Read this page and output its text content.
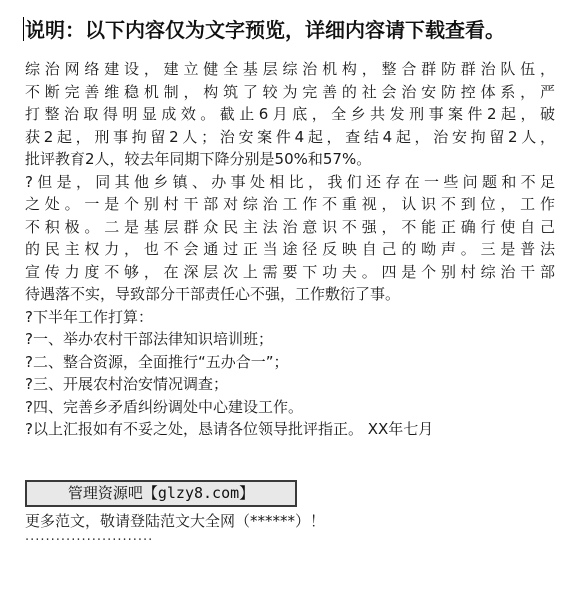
说明：以下内容仅为文字预览，详细内容请下载查看。
综治网络建设，建立健全基层综治机构，整合群防群治队伍，
不断完善维稳机制，构筑了较为完善的社会治安防控体系，严
打整治取得明显成效。截止6月底，全乡共发刑事案件2起，破
获2起，刑事拘留2人；治安案件4起，查结4起，治安拘留2人，
批评教育2人，较去年同期下降分别是50%和57%。
?但是，同其他乡镇、办事处相比，我们还存在一些问题和不足
之处。一是个别村干部对综治工作不重视，认识不到位，工作
不积极。二是基层群众民主法治意识不强，不能正确行使自己
的民主权力，也不会通过正当途径反映自己的呦声。三是普法
宣传力度不够，在深层次上需要下功夫。四是个别村综治干部
待遇落不实，导致部分干部责任心不强，工作敷衍了事。
?下半年工作打算：
?一、举办农村干部法律知识培训班；
?二、整合资源，全面推行“五办合一”；
?三、开展农村治安情况调查；
?四、完善乡矛盾纠纷调处中心建设工作。
?以上汇报如有不妥之处，恳请各位领导批评指正。 XX年七月
管理资源吧【glzy8.com】
更多范文，敬请登陆范文大全网（******）！
·························
